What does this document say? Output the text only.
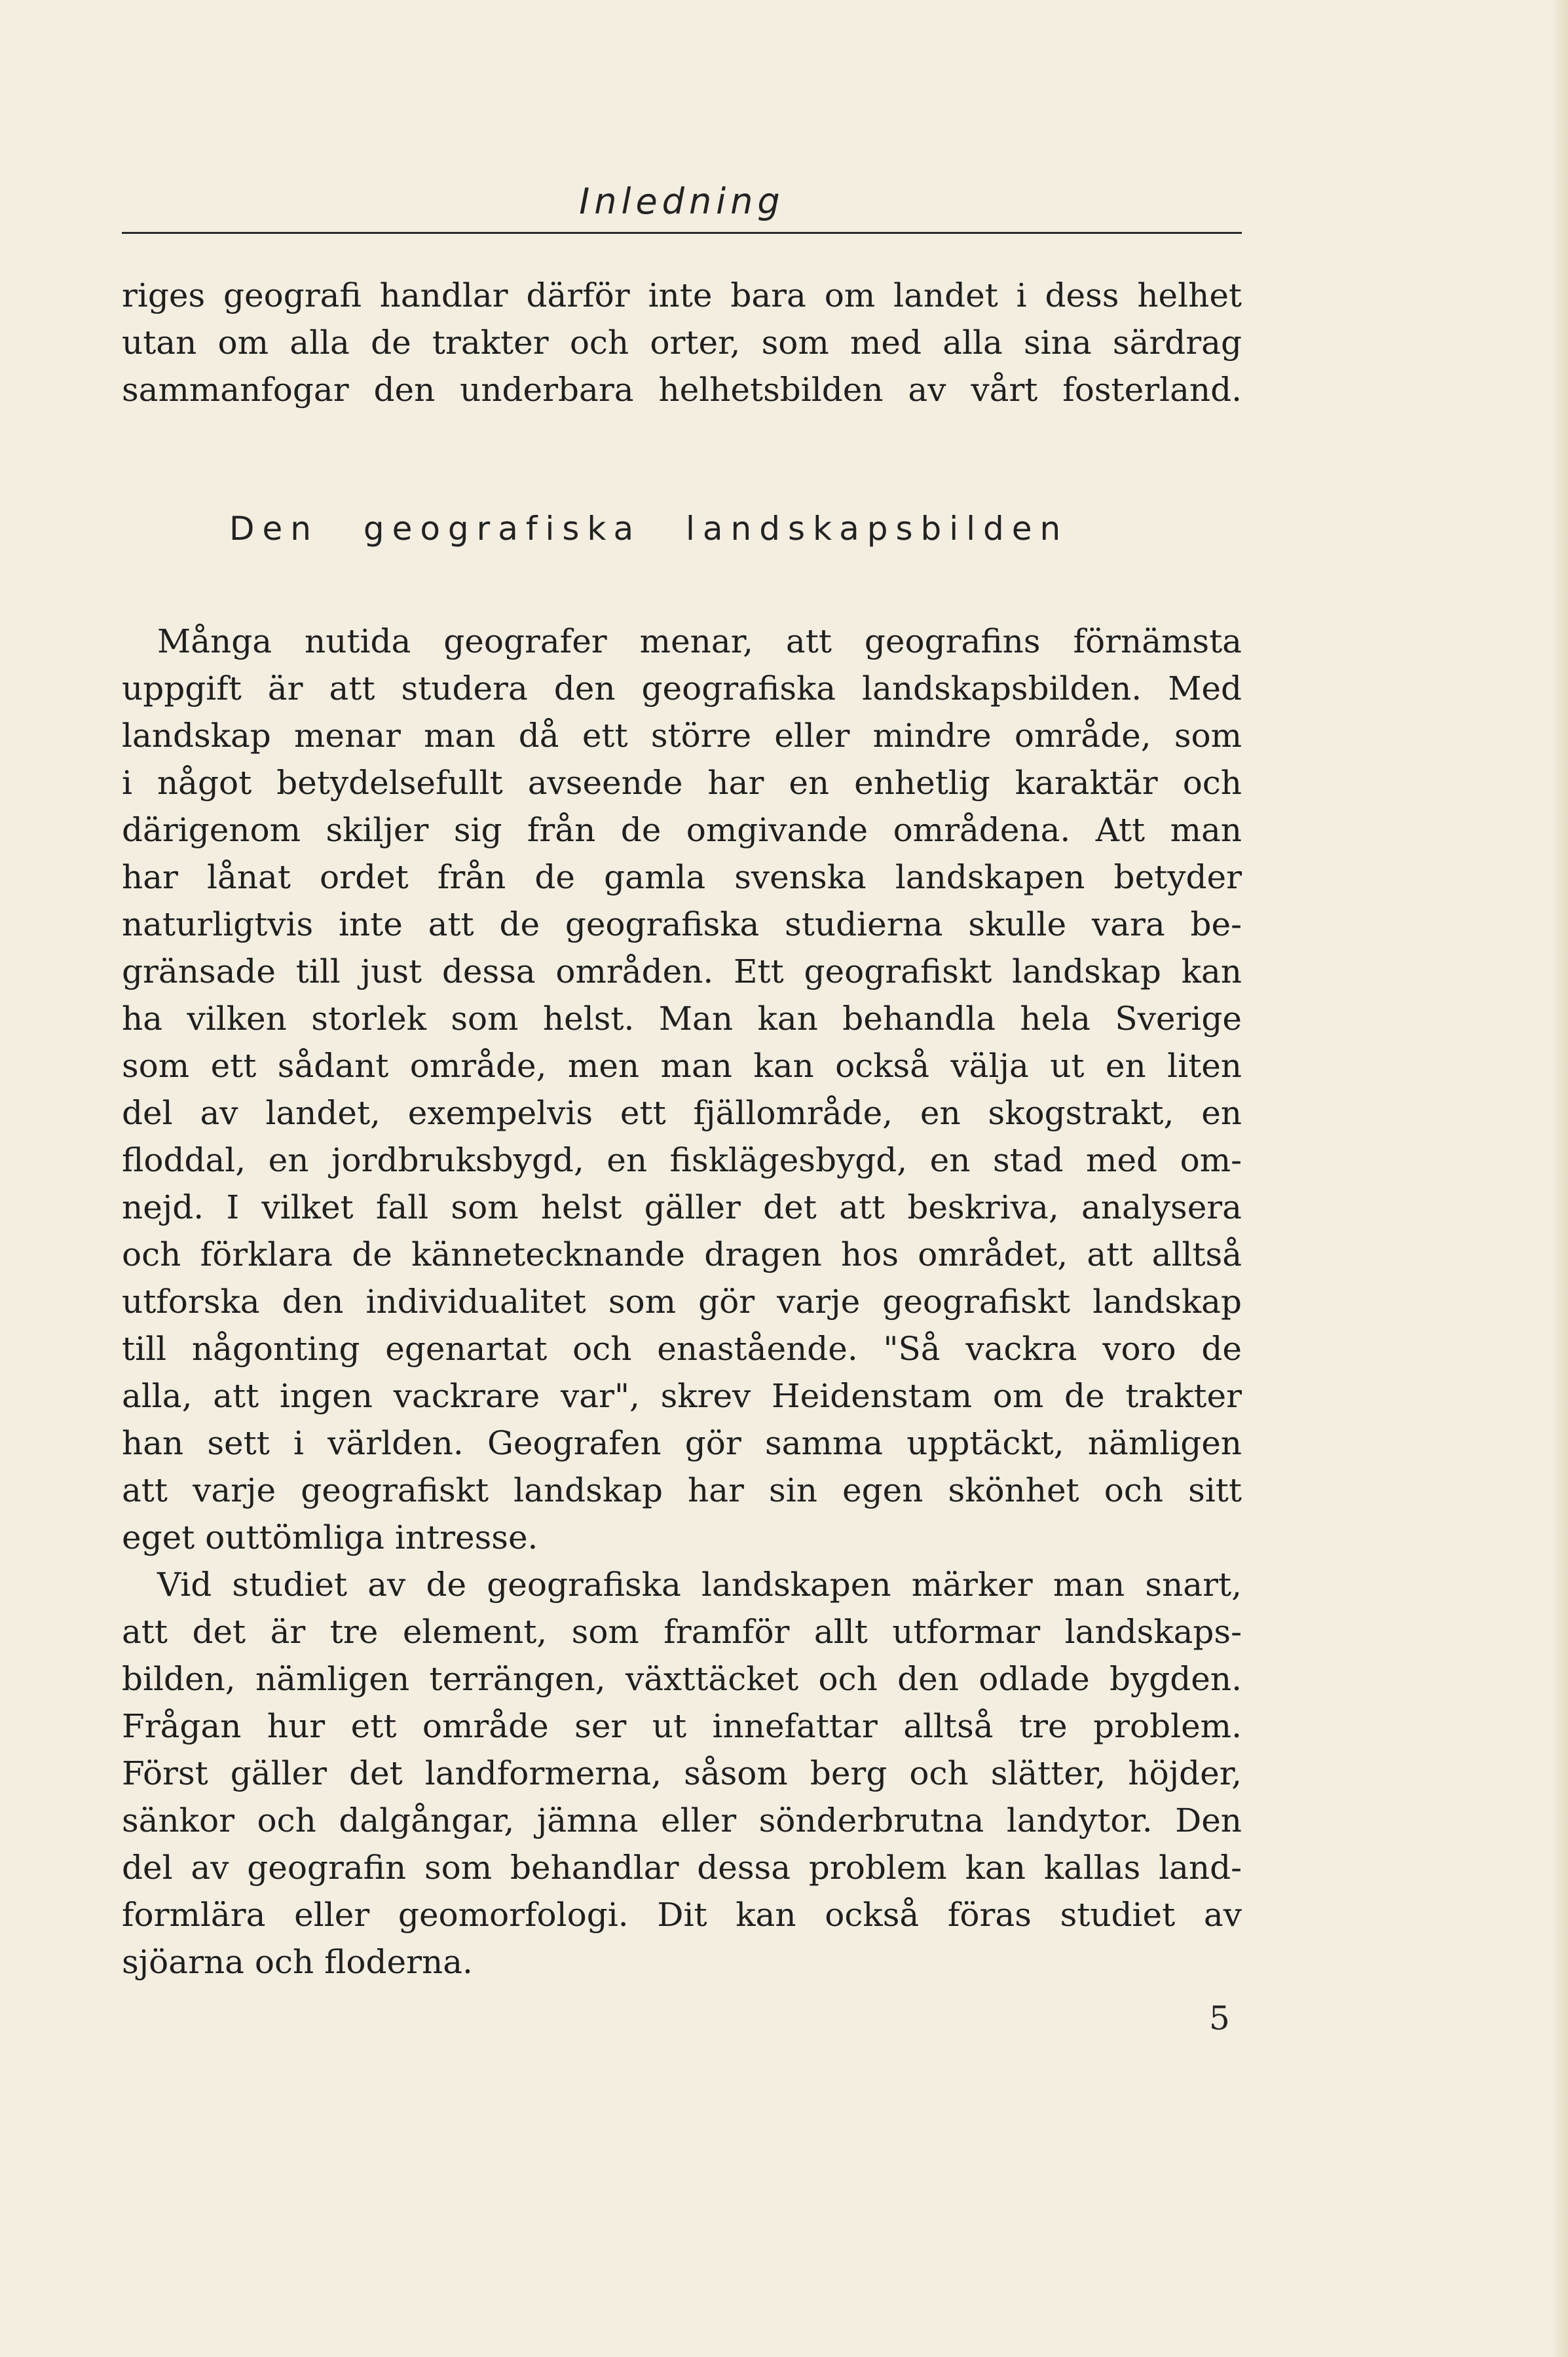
Inledning

riges geografi handlar därför inte bara om landet i dess helhet
utan om alla de trakter och orter, som med alla sina särdrag
sammanfogar den underbara helhetsbilden av vårt fosterland.
Den geografiska landskapsbilden
Många nutida geografer menar, att geografins förnämsta
uppgift är att studera den geografiska landskapsbilden. Med
landskap menar man då ett större eller mindre område, som
i något betydelsefullt avseende har en enhetlig karaktär och
därigenom skiljer sig från de omgivande områdena. Att man
har lånat ordet från de gamla svenska landskapen betyder
naturligtvis inte att de geografiska studierna skulle vara be-
gränsade till just dessa områden. Ett geografiskt landskap kan
ha vilken storlek som helst. Man kan behandla hela Sverige
som ett sådant område, men man kan också välja ut en liten
del av landet, exempelvis ett fjällområde, en skogstrakt, en
floddal, en jordbruksbygd, en fisklägesbygd, en stad med om-
nejd. I vilket fall som helst gäller det att beskriva, analysera
och förklara de kännetecknande dragen hos området, att alltså
utforska den individualitet som gör varje geografiskt landskap
till någonting egenartat och enastående. "Så vackra voro de
alla, att ingen vackrare var", skrev Heidenstam om de trakter
han sett i världen. Geografen gör samma upptäckt, nämligen
att varje geografiskt landskap har sin egen skönhet och sitt
eget outtömliga intresse.
Vid studiet av de geografiska landskapen märker man snart,
att det är tre element, som framför allt utformar landskaps-
bilden, nämligen terrängen, växttäcket och den odlade bygden.
Frågan hur ett område ser ut innefattar alltså tre problem.
Först gäller det landformerna, såsom berg och slätter, höjder,
sänkor och dalgångar, jämna eller sönderbrutna landytor. Den
del av geografin som behandlar dessa problem kan kallas land-
formlära eller geomorfologi. Dit kan också föras studiet av
sjöarna och floderna.
5
